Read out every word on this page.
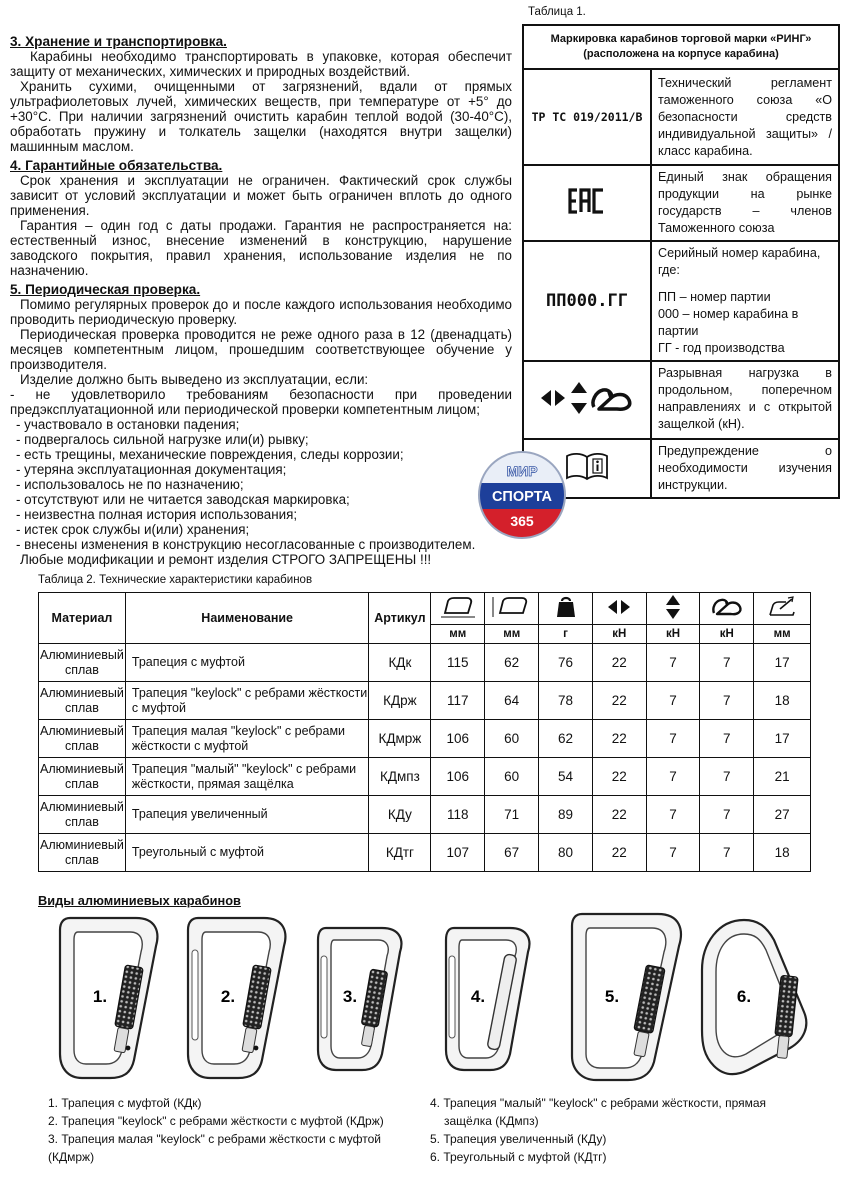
3. Хранение и транспортировка.

Карабины необходимо транспортировать в упаковке, которая обеспечит защиту от механических, химических и природных воздействий.

Хранить сухими, очищенными от загрязнений, вдали от прямых ультрафиолетовых лучей, химических веществ, при температуре от +5° до +30°С. При наличии загрязнений очистить карабин теплой водой (30-40°С), обработать пружину и толкатель защелки (находятся внутри защелки) машинным маслом.

4. Гарантийные обязательства.

Срок хранения и эксплуатации не ограничен. Фактический срок службы зависит от условий эксплуатации и может быть ограничен вплоть до одного применения.

Гарантия – один год с даты продажи. Гарантия не распространяется на: естественный износ, внесение изменений в конструкцию, нарушение заводского покрытия, правил хранения, использование изделия не по назначению.

5. Периодическая проверка.

Помимо регулярных проверок до и после каждого использования необходимо проводить периодическую проверку.

Периодическая проверка проводится не реже одного раза в 12 (двенадцать) месяцев компетентным лицом, прошедшим соответствующее обучение у производителя.

Изделие должно быть выведено из эксплуатации, если:

- не удовлетворило требованиям безопасности при проведении предэксплуатационной или периодической проверки компетентным лицом;

- участвовало в остановки падения;

- подвергалось сильной нагрузке или(и) рывку;

- есть трещины, механические повреждения, следы коррозии;

- утеряна эксплуатационная документация;

- использовалось не по назначению;

- отсутствуют или не читается заводская маркировка;

- неизвестна полная история использования;

- истек срок службы и(или) хранения;

- внесены изменения в конструкцию несогласованные с производителем.

Любые модификации и ремонт изделия СТРОГО ЗАПРЕЩЕНЫ !!!

Таблица 1.
Маркировка карабинов торговой марки «РИНГ» (расположена на корпусе карабина)	
ТР ТС 019/2011/В	Технический регламент таможенного союза «О безопасности средств индивидуальной защиты» / класс карабина.
	Единый знак обращения продукции на рынке государств – членов Таможенного союза
ПП000.ГГ	Серийный номер карабина, где:
ПП – номер партии
000 – номер карабина в партии
ГГ - год производства

	Разрывная нагрузка в продольном, поперечном направлениях и с открытой защелкой (кН).
	Предупреждение о необходимости изучения инструкции.
МИР
СПОРТА
365
Таблица 2. Технические характеристики карабинов
Материал	Наименование	Артикул							
			мм	мм	г	кН	кН	кН	мм
Алюминиевый сплав	Трапеция с муфтой	КДк	115	62	76	22	7	7	17
Алюминиевый сплав	Трапеция "keylock" с ребрами жёсткости с муфтой	КДрж	117	64	78	22	7	7	18
Алюминиевый сплав	Трапеция малая "keylock" с ребрами жёсткости с муфтой	КДмрж	106	60	62	22	7	7	17
Алюминиевый сплав	Трапеция "малый" "keylock" с ребрами жёсткости, прямая защёлка	КДмпз	106	60	54	22	7	7	21
Алюминиевый сплав	Трапеция увеличенный	КДу	118	71	89	22	7	7	27
Алюминиевый сплав	Треугольный с муфтой	КДтг	107	67	80	22	7	7	18
Виды алюминиевых карабинов
1.	2.	3.	4.	5.	6.
1. Трапеция с муфтой (КДк)
2. Трапеция "keylock" с ребрами жёсткости с муфтой (КДрж)
3. Трапеция малая "keylock" с ребрами жёсткости с муфтой
(КДмрж)
4. Трапеция "малый" "keylock" с ребрами жёсткости, прямая
защёлка (КДмпз)
5. Трапеция увеличенный (КДу)
6. Треугольный с муфтой (КДтг)
